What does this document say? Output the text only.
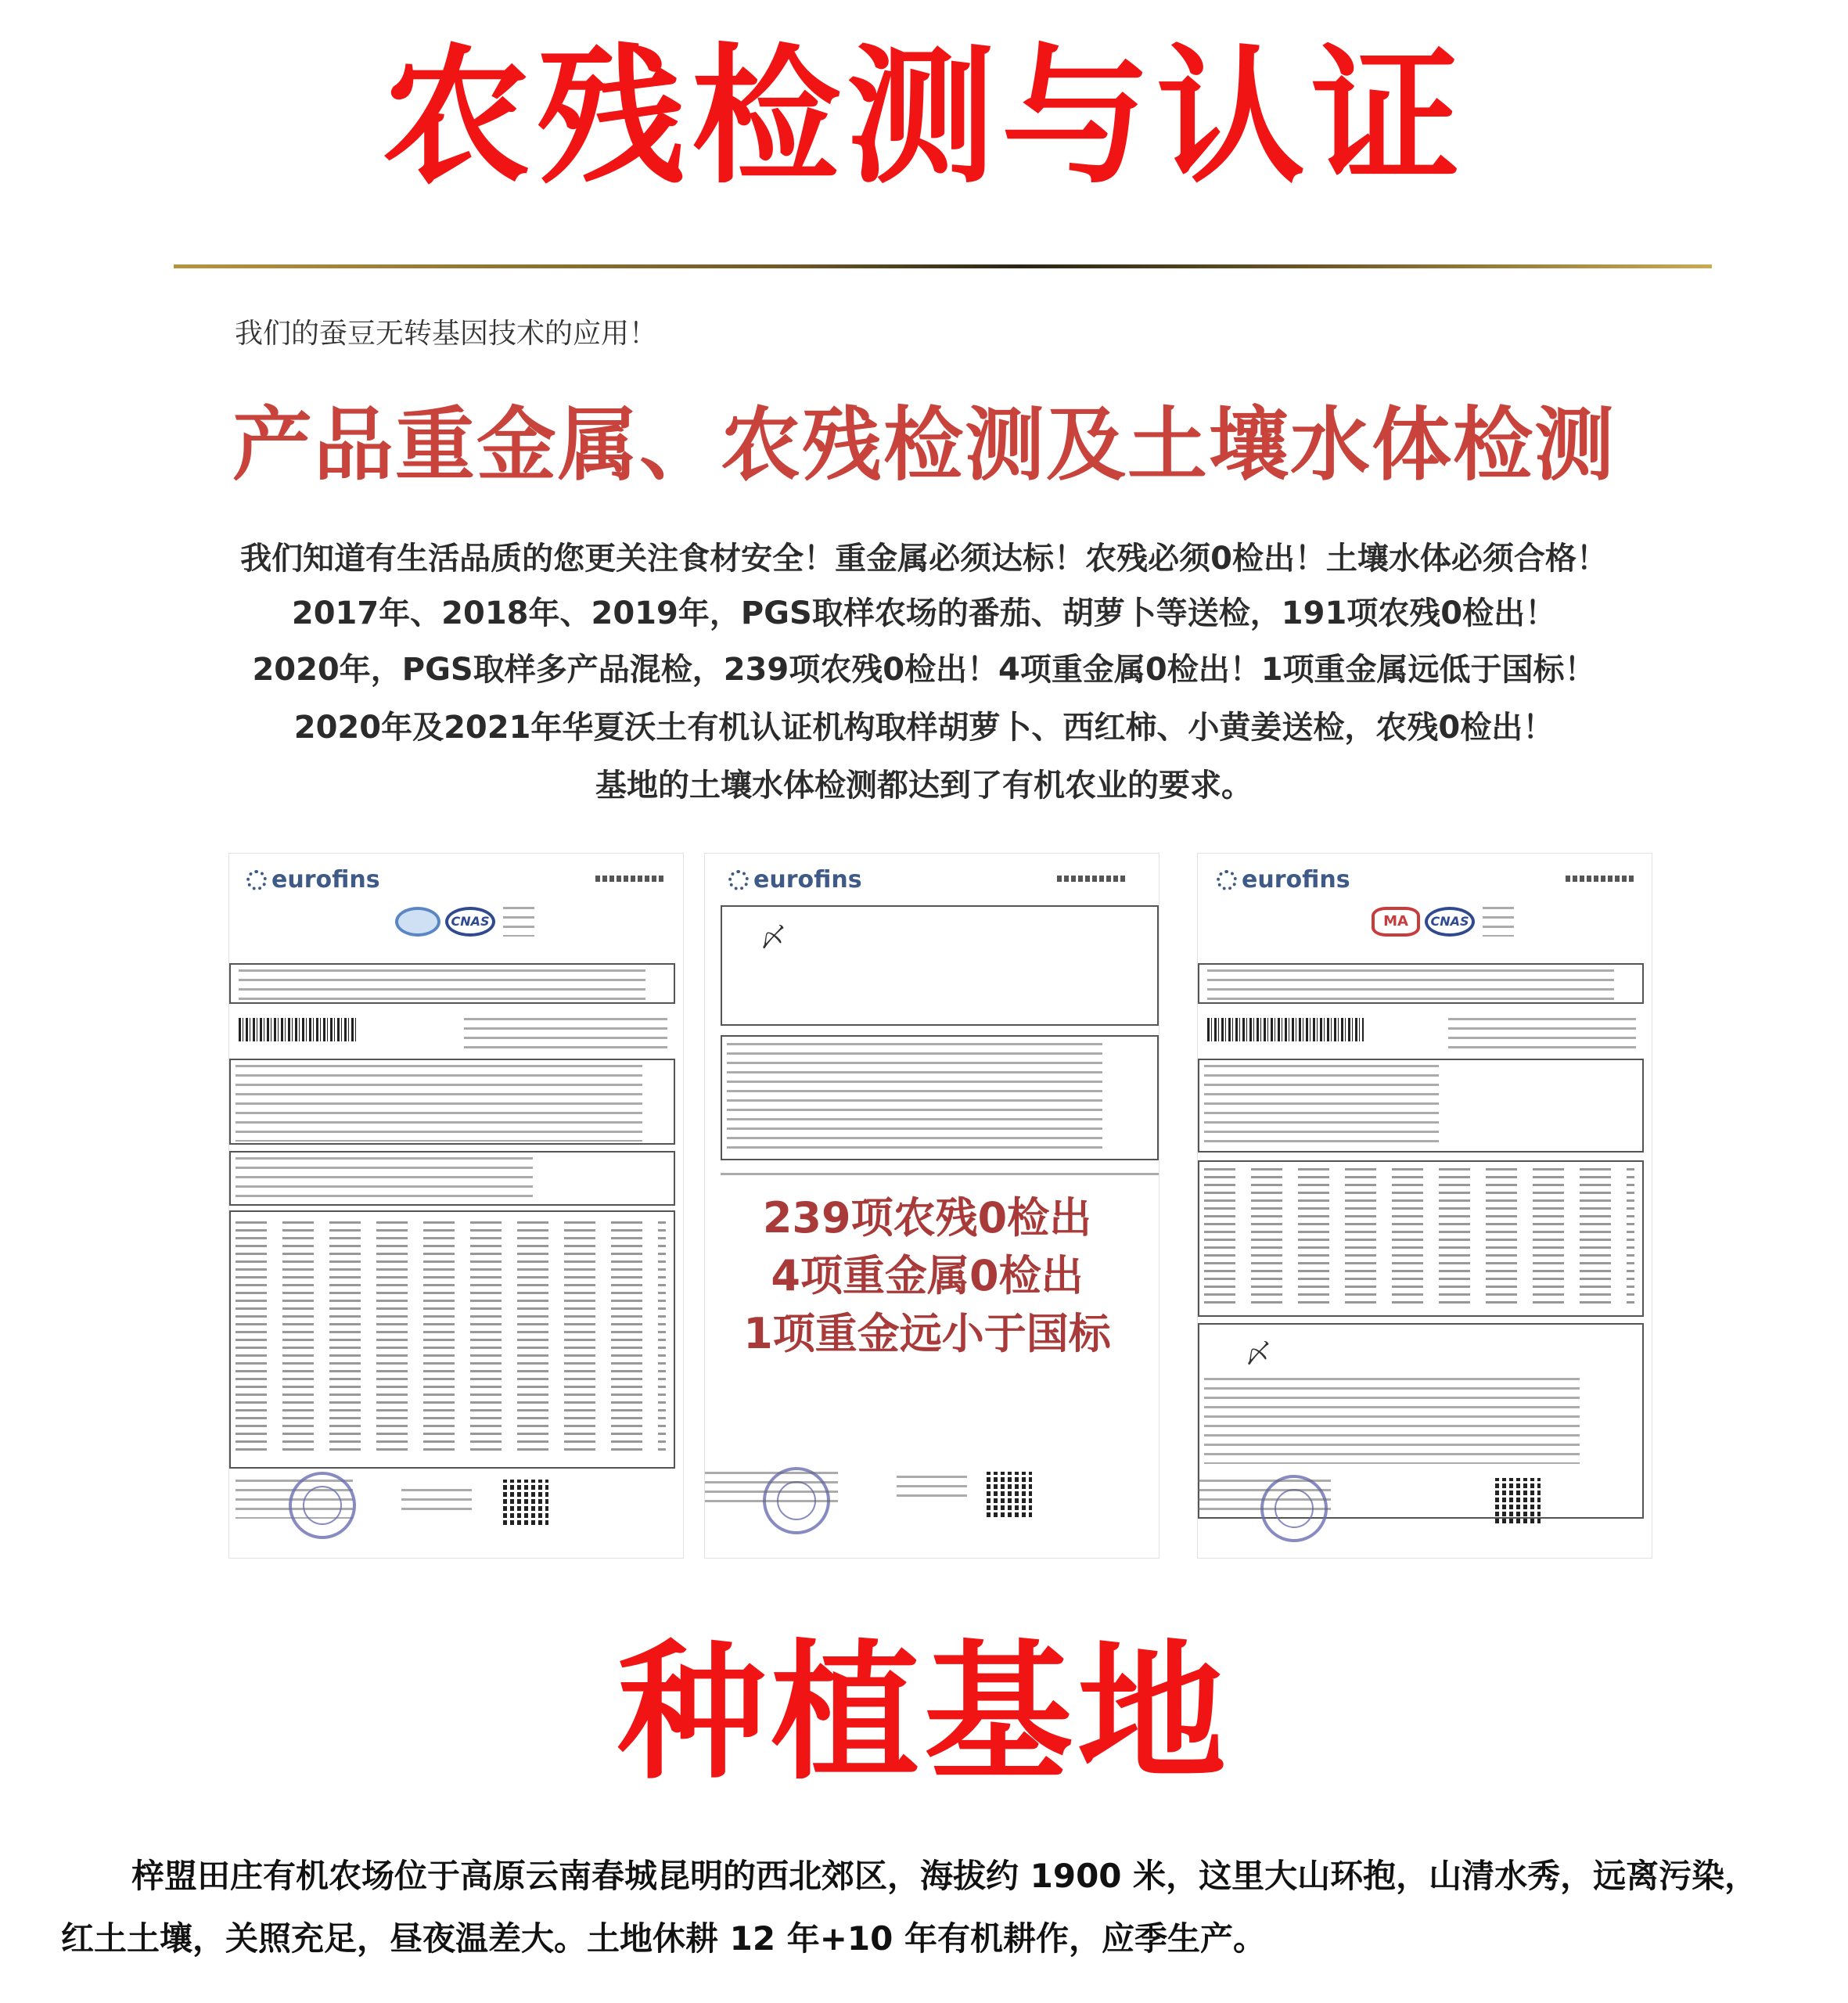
农残检测与认证
我们的蚕豆无转基因技术的应用！
产品重金属、农残检测及土壤水体检测
我们知道有生活品质的您更关注食材安全！重金属必须达标！农残必须0检出！土壤水体必须合格！
2017年、2018年、2019年，PGS取样农场的番茄、胡萝卜等送检，191项农残0检出！
2020年，PGS取样多产品混检，239项农残0检出！4项重金属0检出！1项重金属远低于国标！
2020年及2021年华夏沃土有机认证机构取样胡萝卜、西红柿、小黄姜送检，农残0检出！
基地的土壤水体检测都达到了有机农业的要求。
eurofins
CNAS
eurofins
〆
eurofins
MA	CNAS
〆
239项农残0检出
4项重金属0检出
1项重金远小于国标
种植基地
梓盟田庄有机农场位于高原云南春城昆明的西北郊区，海拔约 1900 米，这里大山环抱，山清水秀，远离污染，
红土土壤，关照充足，昼夜温差大。土地休耕 12 年+10 年有机耕作，应季生产。
